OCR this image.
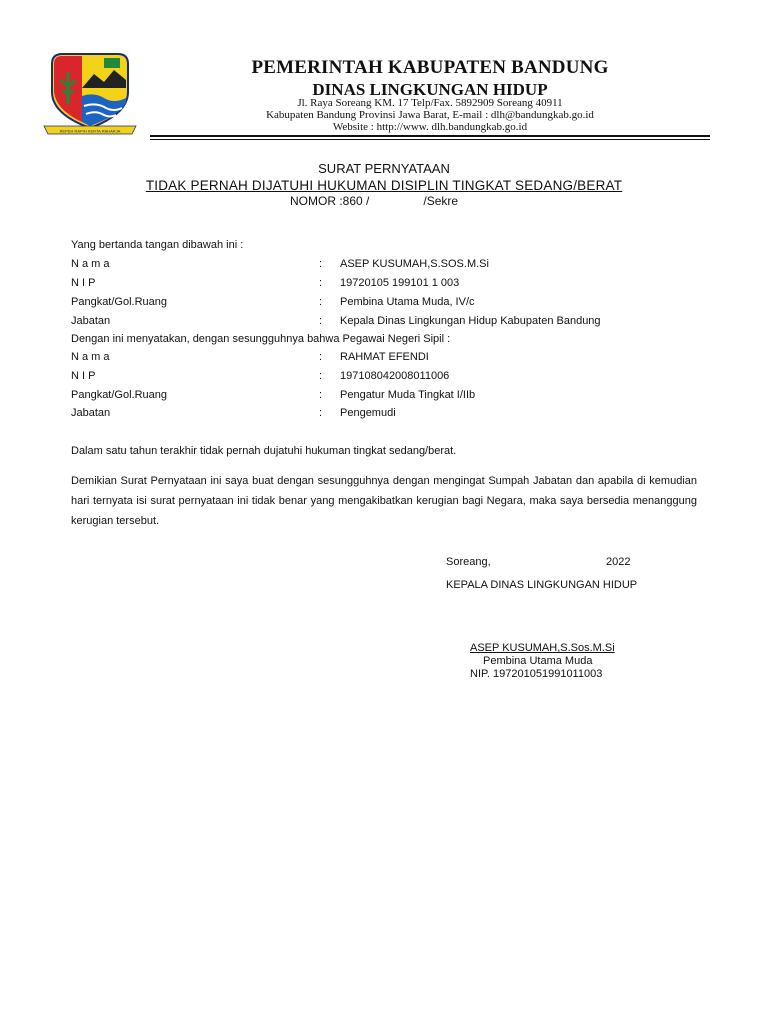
REPEH RAPIH KERTA RAHARJA
PEMERINTAH KABUPATEN BANDUNG
DINAS LINGKUNGAN HIDUP
Jl. Raya Soreang KM. 17 Telp/Fax. 5892909 Soreang 40911
Kabupaten Bandung Provinsi Jawa Barat, E-mail : dlh@bandungkab.go.id
Website : http://www. dlh.bandungkab.go.id
SURAT PERNYATAAN
TIDAK PERNAH DIJATUHI HUKUMAN DISIPLIN TINGKAT SEDANG/BERAT
NOMOR :860 /	/Sekre
Yang bertanda tangan dibawah ini :
N a m a	: ASEP KUSUMAH,S.SOS.M.Si
N I P	: 19720105 199101 1 003
Pangkat/Gol.Ruang	: Pembina Utama Muda, IV/c
Jabatan	: Kepala Dinas Lingkungan Hidup Kabupaten Bandung
Dengan ini menyatakan, dengan sesungguhnya bahwa Pegawai Negeri Sipil :
N a m a	: RAHMAT EFENDI
N I P	: 197108042008011006
Pangkat/Gol.Ruang	: Pengatur Muda Tingkat I/IIb
Jabatan	: Pengemudi
Dalam satu tahun terakhir tidak pernah dujatuhi hukuman tingkat sedang/berat.
Demikian Surat Pernyataan ini saya buat dengan sesungguhnya dengan mengingat Sumpah Jabatan dan apabila di kemudian hari ternyata isi surat pernyataan ini tidak benar yang mengakibatkan kerugian bagi Negara, maka saya bersedia menanggung kerugian tersebut.
Soreang,	2022
KEPALA DINAS LINGKUNGAN HIDUP
ASEP KUSUMAH,S.Sos.M.Si
Pembina Utama Muda
NIP. 197201051991011003
